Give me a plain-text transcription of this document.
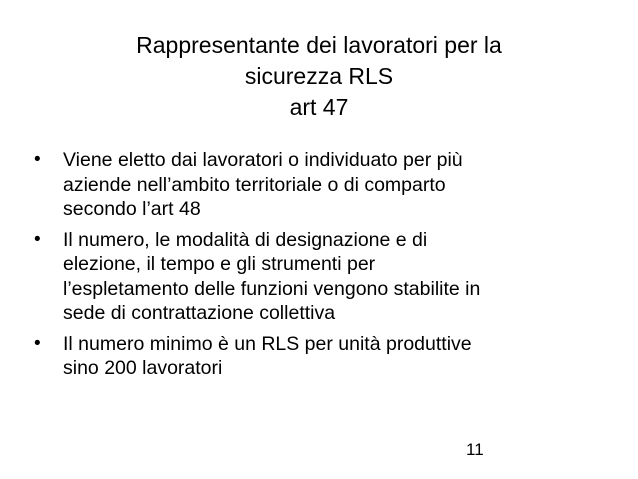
Rappresentante dei lavoratori per la
sicurezza RLS
art 47
• Viene eletto dai lavoratori o individuato per più
aziende nell’ambito territoriale o di comparto
secondo l’art 48
• Il numero, le modalità di designazione e di
elezione, il tempo e gli strumenti per
l’espletamento delle funzioni vengono stabilite in
sede di contrattazione collettiva
• Il numero minimo è un RLS per unità produttive
sino 200 lavoratori
11
